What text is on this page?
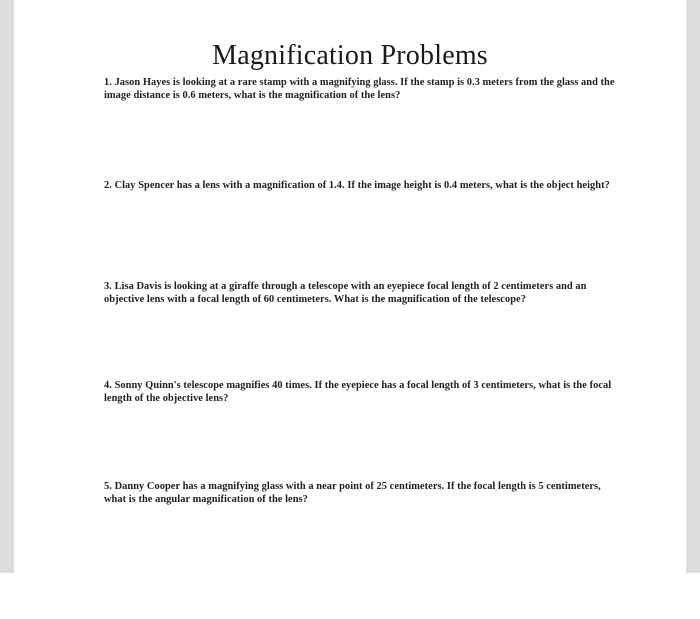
Magnification Problems
1. Jason Hayes is looking at a rare stamp with a magnifying glass. If the stamp is 0.3 meters from the glass and the image distance is 0.6 meters, what is the magnification of the lens?
2. Clay Spencer has a lens with a magnification of 1.4. If the image height is 0.4 meters, what is the object height?
3. Lisa Davis is looking at a giraffe through a telescope with an eyepiece focal length of 2 centimeters and an objective lens with a focal length of 60 centimeters. What is the magnification of the telescope?
4. Sonny Quinn's telescope magnifies 40 times. If the eyepiece has a focal length of 3 centimeters, what is the focal length of the objective lens?
5. Danny Cooper has a magnifying glass with a near point of 25 centimeters. If the focal length is 5 centimeters, what is the angular magnification of the lens?
